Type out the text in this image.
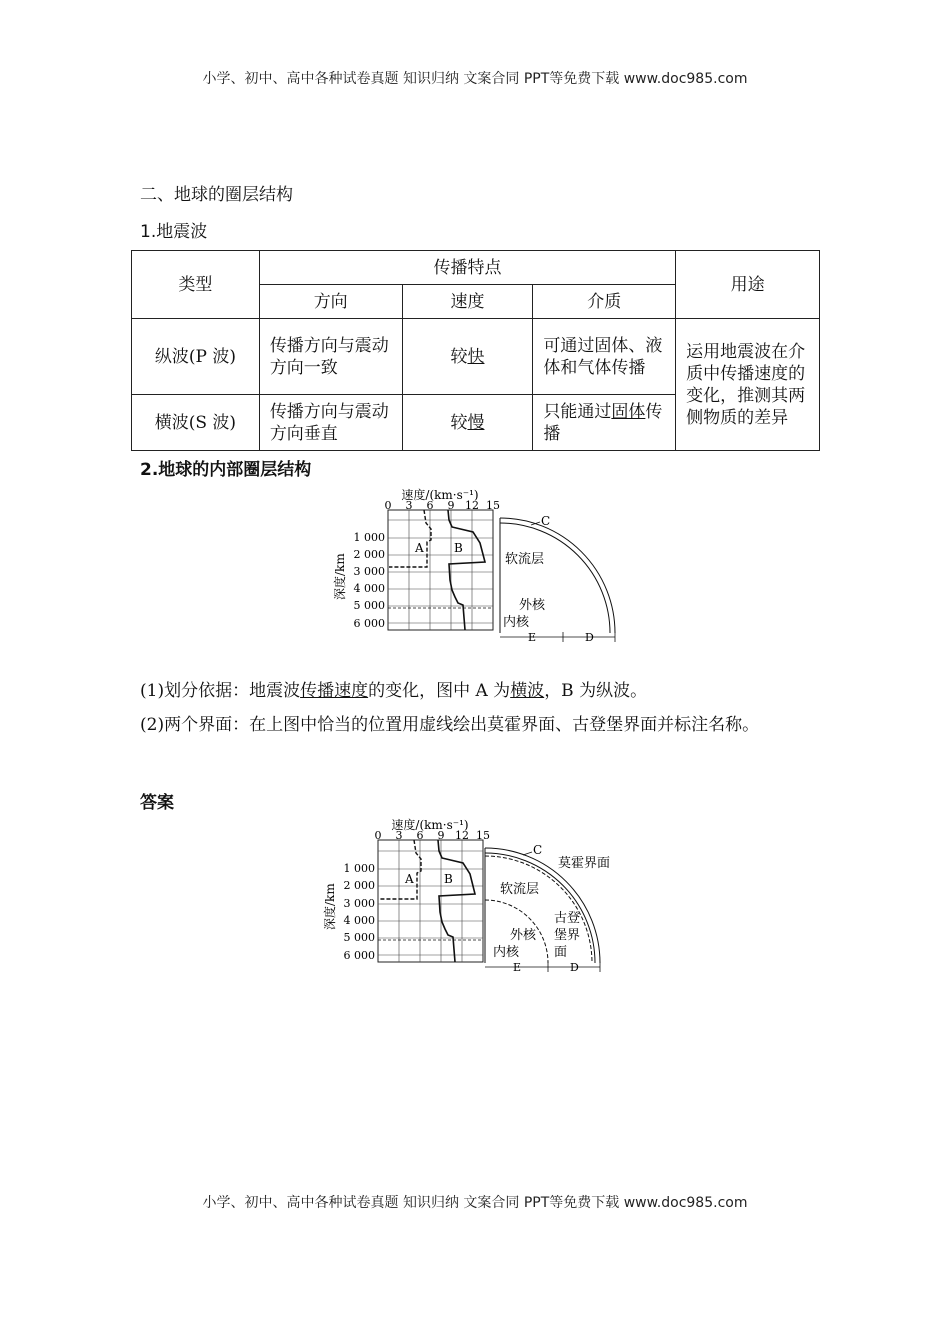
小学、初中、高中各种试卷真题 知识归纳 文案合同 PPT等免费下载 www.doc985.com
二、地球的圈层结构
1.地震波
类型	传播特点			用途
	方向	速度	介质	
纵波(P 波)	传播方向与震动方向一致	较快	可通过固体、液体和气体传播	运用地震波在介质中传播速度的变化，推测其两侧物质的差异
横波(S 波)	传播方向与震动方向垂直	较慢	只能通过固体传播	
2.地球的内部圈层结构
速度/(km·s⁻¹)
0 3 6 9 12 15
1 000
2 000
3 000
4 000
5 000
6 000
深度/km
A	B
E	D
C
软流层
外核
内核
(1)划分依据：地震波传播速度的变化，图中 A 为横波，B 为纵波。
(2)两个界面：在上图中恰当的位置用虚线绘出莫霍界面、古登堡界面并标注名称。
答案
速度/(km·s⁻¹)
0 3 6 9 12 15
1 000
2 000
3 000
4 000
5 000
6 000
深度/km
A	B
E	D
C
莫霍界面
软流层
外核
内核
古登
堡界
面
小学、初中、高中各种试卷真题 知识归纳 文案合同 PPT等免费下载 www.doc985.com
